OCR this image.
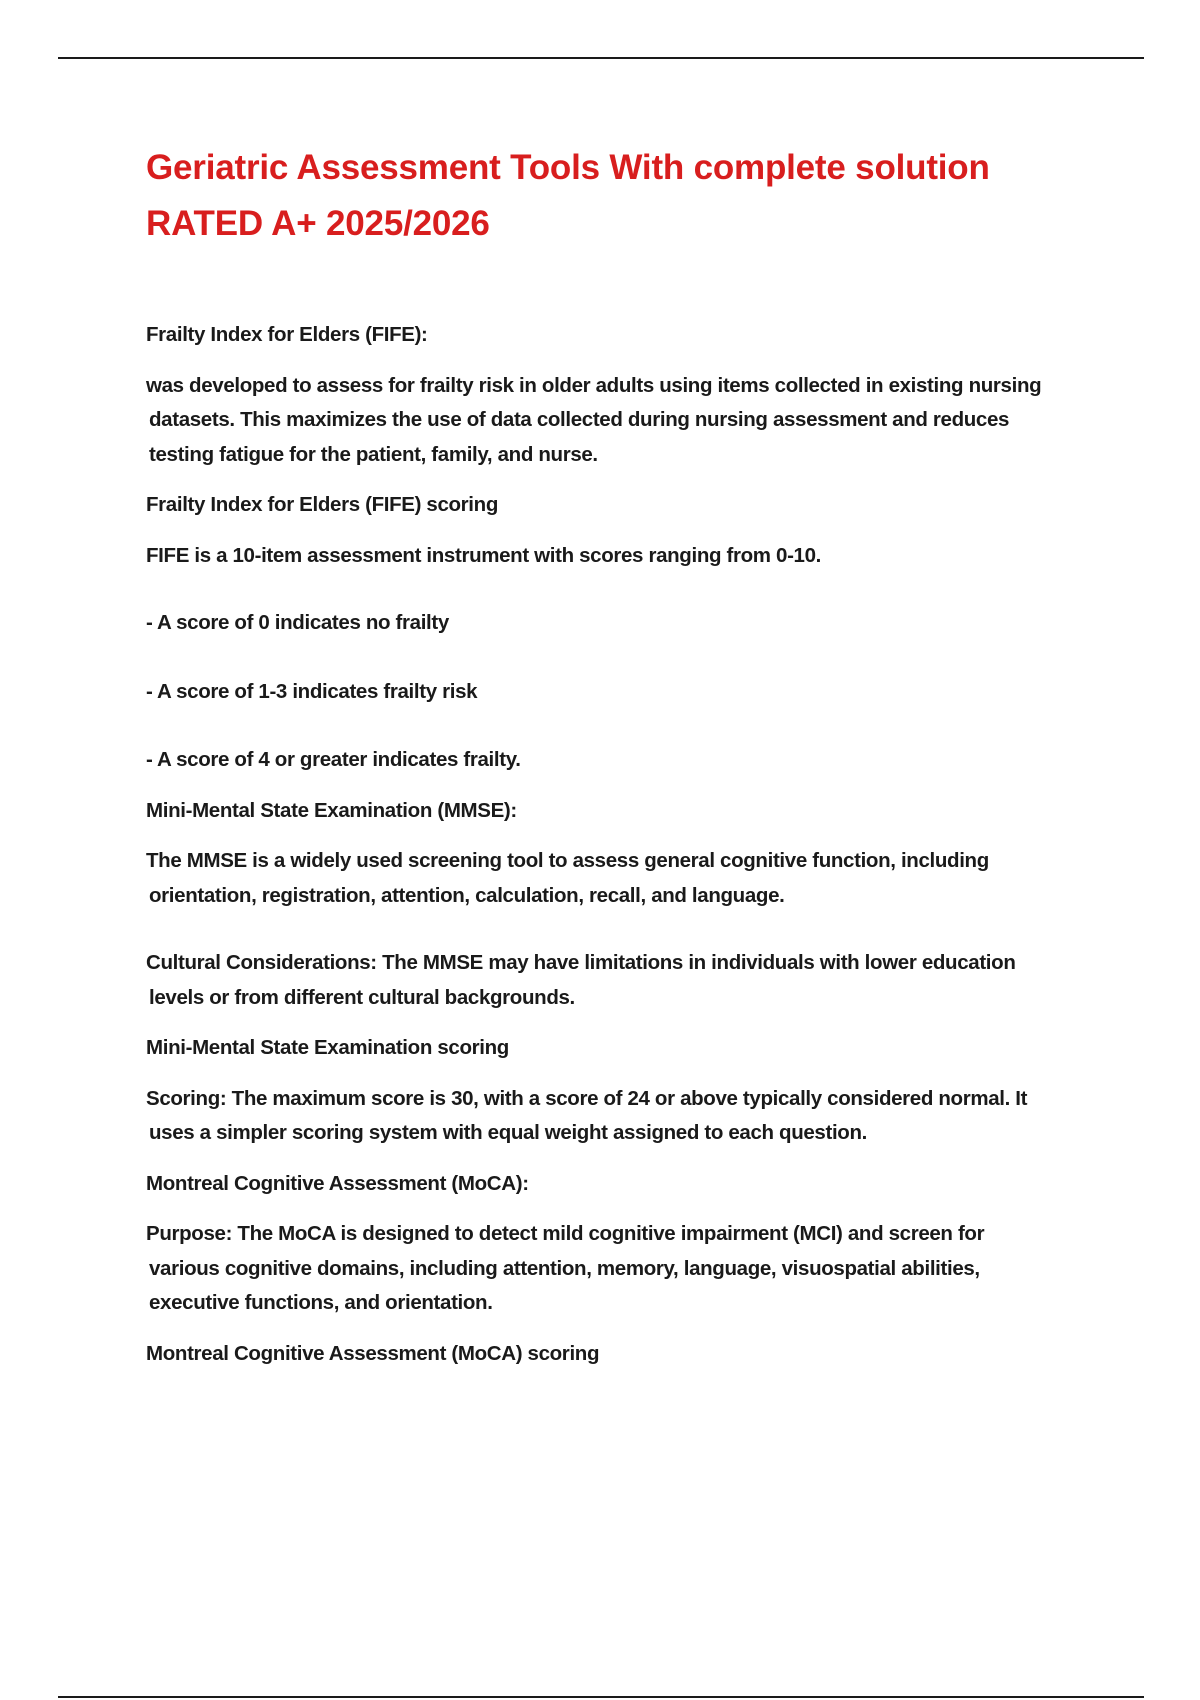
Geriatric Assessment Tools With complete solution
RATED A+ 2025/2026

Frailty Index for Elders (FIFE):

was developed to assess for frailty risk in older adults using items collected in existing nursing
datasets. This maximizes the use of data collected during nursing assessment and reduces
testing fatigue for the patient, family, and nurse.

Frailty Index for Elders (FIFE) scoring

FIFE is a 10-item assessment instrument with scores ranging from 0-10.

- A score of 0 indicates no frailty

- A score of 1-3 indicates frailty risk

- A score of 4 or greater indicates frailty.

Mini-Mental State Examination (MMSE):

The MMSE is a widely used screening tool to assess general cognitive function, including
orientation, registration, attention, calculation, recall, and language.

Cultural Considerations: The MMSE may have limitations in individuals with lower education
levels or from different cultural backgrounds.

Mini-Mental State Examination scoring

Scoring: The maximum score is 30, with a score of 24 or above typically considered normal. It
uses a simpler scoring system with equal weight assigned to each question.

Montreal Cognitive Assessment (MoCA):

Purpose: The MoCA is designed to detect mild cognitive impairment (MCI) and screen for
various cognitive domains, including attention, memory, language, visuospatial abilities,
executive functions, and orientation.

Montreal Cognitive Assessment (MoCA) scoring
